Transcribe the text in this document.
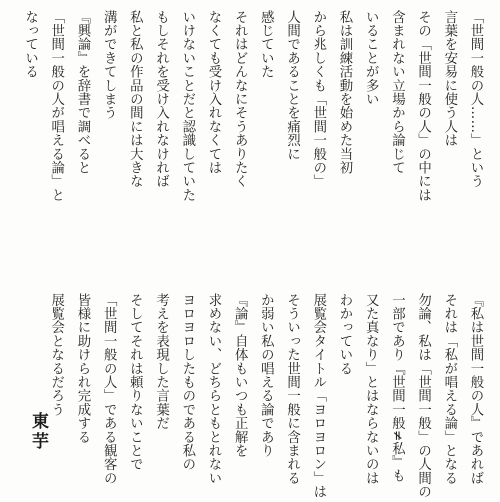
「世間一般の人……」という
言葉を安易に使う人は
その「世間一般の人」の中には
含まれない立場から論じて
いることが多い
私は訓練活動を始めた当初
から兆しくも「世間一般の」
人間であることを痛烈に
感じていた
それはどんなにそうありたく
なくても受け入れなくては
いけないことだと認識していた
もしそれを受け入れなければ
私と私の作品の間には大きな
溝ができてしまう
『興論』を辞書で調べると
「世間一般の人が唱える論」と
なっている
『私は世間一般の人』であれば
それは「私が唱える論」となる
勿論、私は「世間一般」の人間の
一部であり『世間一般≠私』も
又た真なり」とはならないのは
わかっている
展覧会タイトル「ヨロヨロン」は
そういった世間一般に含まれる
か弱い私の唱える論であり
『論』自体もいつも正解を
求めない、どちらともとれない
ヨロヨロしたものである私の
考えを表現した言葉だ
そしてそれは頼りないことで
「世間一般の人」である観客の
皆様に助けられ完成する
展覧会となるだろう
東芋
